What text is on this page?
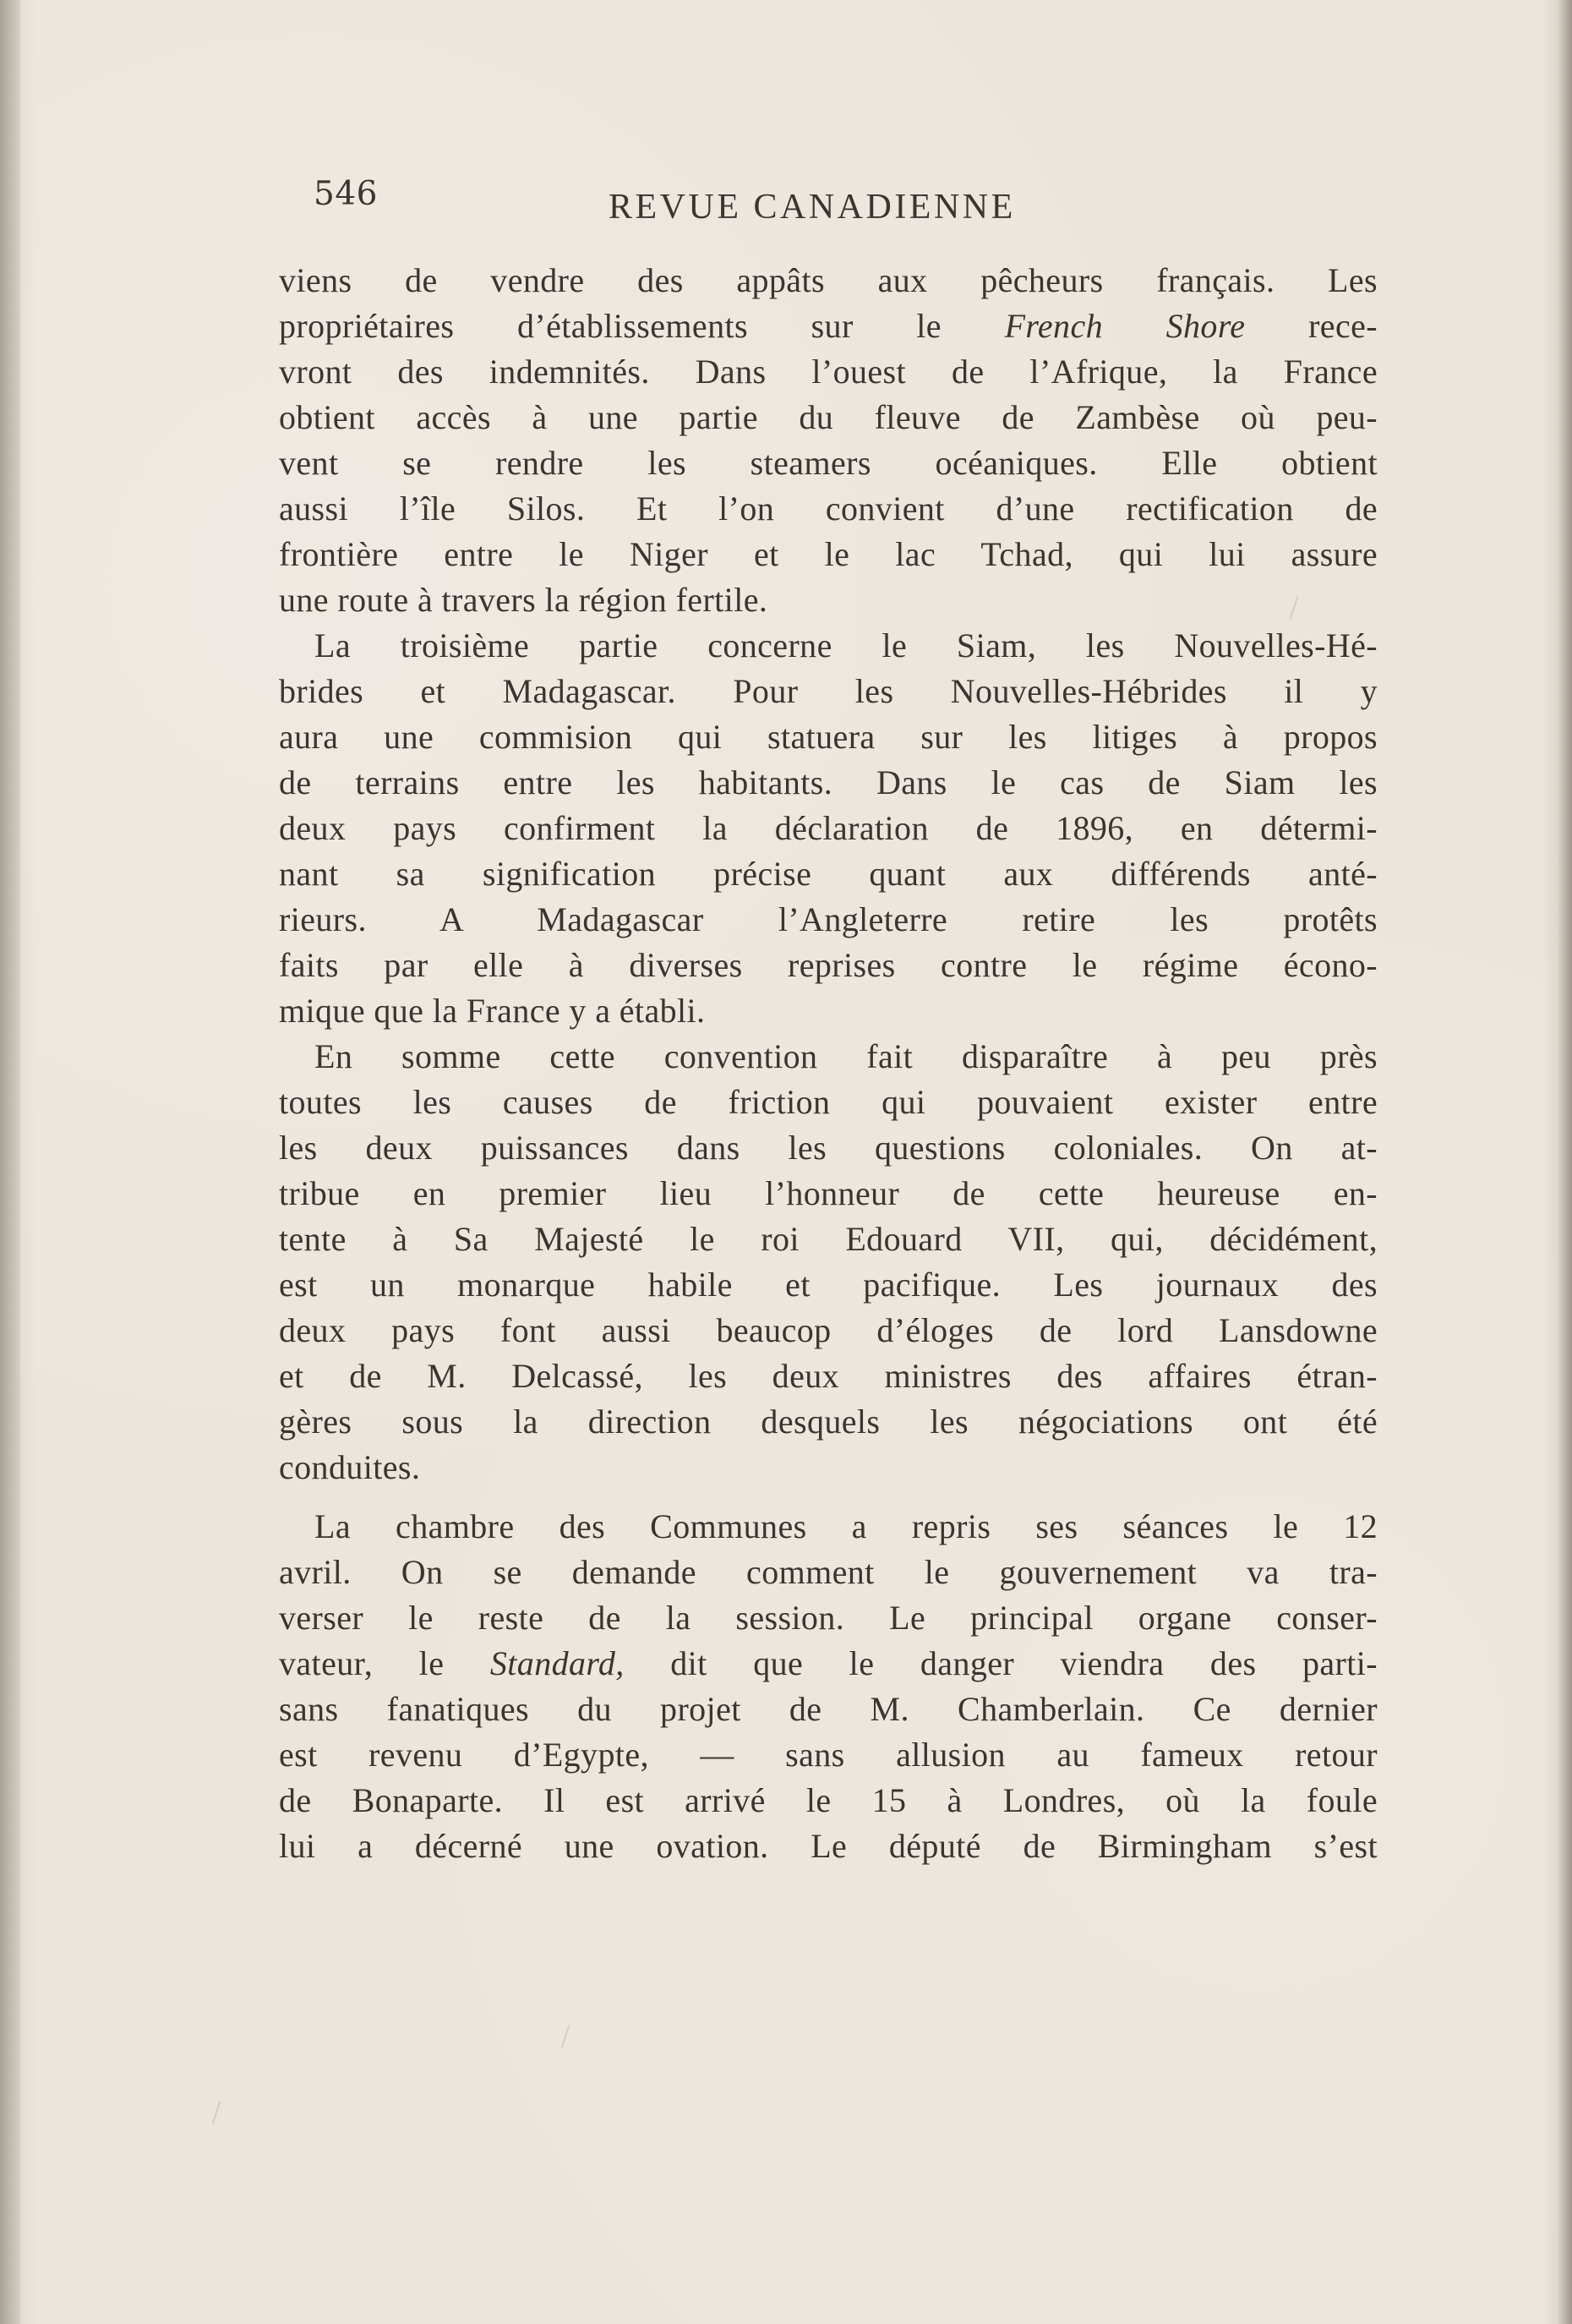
546	REVUE CANADIENNE

viens de vendre des appâts aux pêcheurs français. Les
propriétaires d’établissements sur le French Shore rece-
vront des indemnités. Dans l’ouest de l’Afrique, la France
obtient accès à une partie du fleuve de Zambèse où peu-
vent se rendre les steamers océaniques. Elle obtient
aussi l’île Silos. Et l’on convient d’une rectification de
frontière entre le Niger et le lac Tchad, qui lui assure
une route à travers la région fertile.

La troisième partie concerne le Siam, les Nouvelles-Hé-
brides et Madagascar. Pour les Nouvelles-Hébrides il y
aura une commision qui statuera sur les litiges à propos
de terrains entre les habitants. Dans le cas de Siam les
deux pays confirment la déclaration de 1896, en détermi-
nant sa signification précise quant aux différends anté-
rieurs. A Madagascar l’Angleterre retire les protêts
faits par elle à diverses reprises contre le régime écono-
mique que la France y a établi.

En somme cette convention fait disparaître à peu près
toutes les causes de friction qui pouvaient exister entre
les deux puissances dans les questions coloniales. On at-
tribue en premier lieu l’honneur de cette heureuse en-
tente à Sa Majesté le roi Edouard VII, qui, décidément,
est un monarque habile et pacifique. Les journaux des
deux pays font aussi beaucop d’éloges de lord Lansdowne
et de M. Delcassé, les deux ministres des affaires étran-
gères sous la direction desquels les négociations ont été
conduites.

La chambre des Communes a repris ses séances le 12
avril. On se demande comment le gouvernement va tra-
verser le reste de la session. Le principal organe conser-
vateur, le Standard, dit que le danger viendra des parti-
sans fanatiques du projet de M. Chamberlain. Ce dernier
est revenu d’Egypte, — sans allusion au fameux retour
de Bonaparte. Il est arrivé le 15 à Londres, où la foule
lui a décerné une ovation. Le député de Birmingham s’est
